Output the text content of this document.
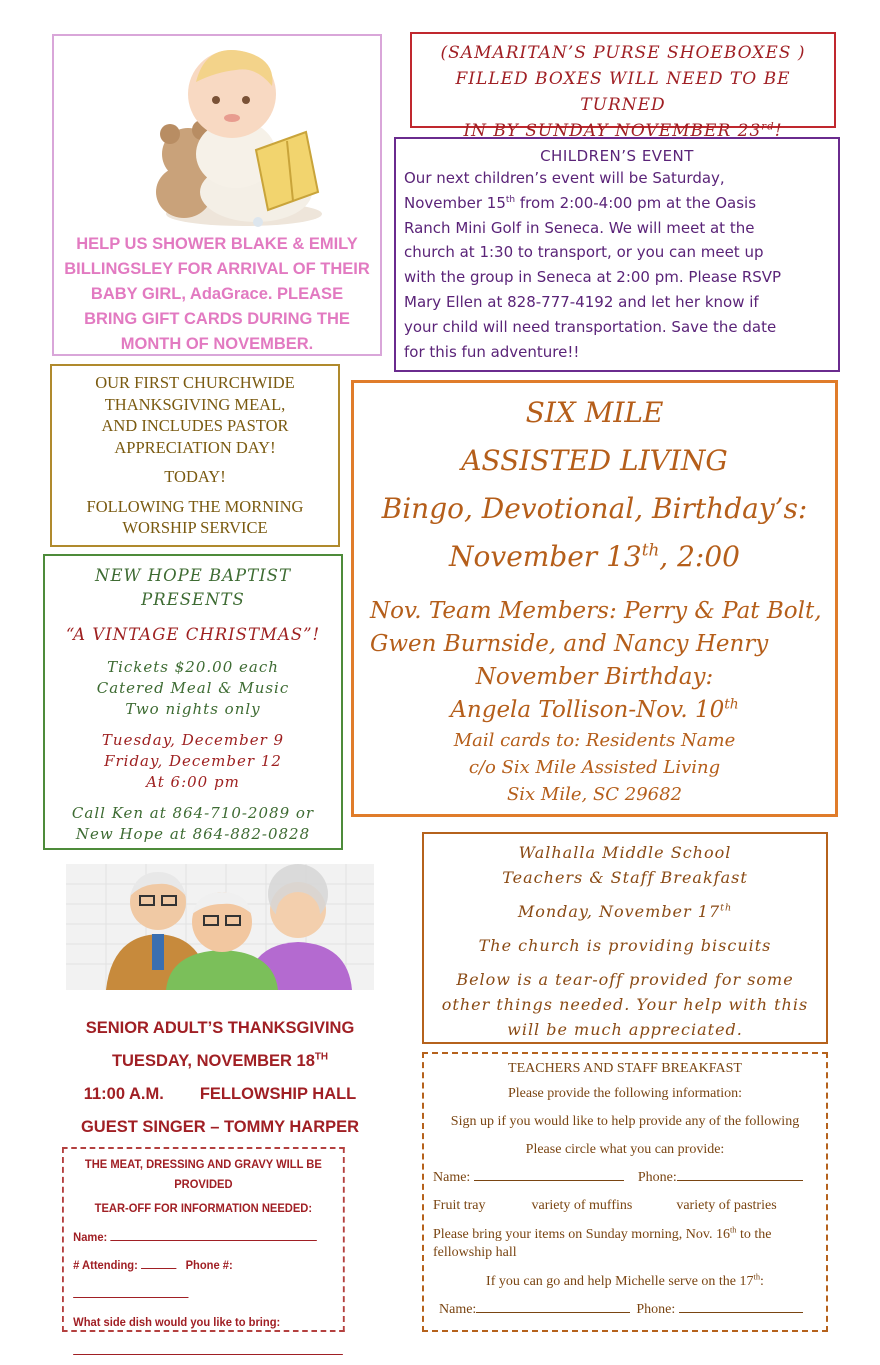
HELP US SHOWER BLAKE & EMILY

BILLINGSLEY FOR ARRIVAL OF THEIR

BABY GIRL, AdaGrace. PLEASE

BRING GIFT CARDS DURING THE

MONTH OF NOVEMBER.

(SAMARITAN’S PURSE SHOEBOXES )

FILLED BOXES WILL NEED TO BE TURNED

IN BY SUNDAY NOVEMBER 23rd!

CHILDREN’S EVENT

Our next children’s event will be Saturday,

November 15th from 2:00-4:00 pm at the Oasis

Ranch Mini Golf in Seneca. We will meet at the

church at 1:30 to transport, or you can meet up

with the group in Seneca at 2:00 pm. Please RSVP

Mary Ellen at 828-777-4192 and let her know if

your child will need transportation. Save the date

for this fun adventure!!

OUR FIRST CHURCHWIDE

THANKSGIVING MEAL,

AND INCLUDES PASTOR

APPRECIATION DAY!

TODAY!

FOLLOWING THE MORNING

WORSHIP SERVICE

SIX MILE

ASSISTED LIVING

Bingo, Devotional, Birthday’s:

November 13th, 2:00

Nov. Team Members: Perry & Pat Bolt,

Gwen Burnside, and Nancy Henry

November Birthday:

Angela Tollison-Nov. 10th

Mail cards to: Residents Name

c/o Six Mile Assisted Living

Six Mile, SC 29682

NEW HOPE BAPTIST

PRESENTS

“A VINTAGE CHRISTMAS”!

Tickets $20.00 each

Catered Meal & Music

Two nights only

Tuesday, December 9

Friday, December 12

At 6:00 pm

Call Ken at 864-710-2089 or

New Hope at 864-882-0828

SENIOR ADULT’S THANKSGIVING

TUESDAY, NOVEMBER 18TH

11:00 A.M. FELLOWSHIP HALL

GUEST SINGER – TOMMY HARPER

THE MEAT, DRESSING AND GRAVY WILL BE PROVIDED

TEAR-OFF FOR INFORMATION NEEDED:

Name:

# Attending:	Phone #:

What side dish would you like to bring:

Walhalla Middle School

Teachers & Staff Breakfast

Monday, November 17th

The church is providing biscuits

Below is a tear-off provided for some

other things needed. Your help with this

will be much appreciated.

TEACHERS AND STAFF BREAKFAST

Please provide the following information:

Sign up if you would like to help provide any of the following

Please circle what you can provide:

Name:	Phone:

Fruit tray	variety of muffins	variety of pastries

Please bring your items on Sunday morning, Nov. 16th to the

fellowship hall

If you can go and help Michelle serve on the 17th:

Name:	Phone:
